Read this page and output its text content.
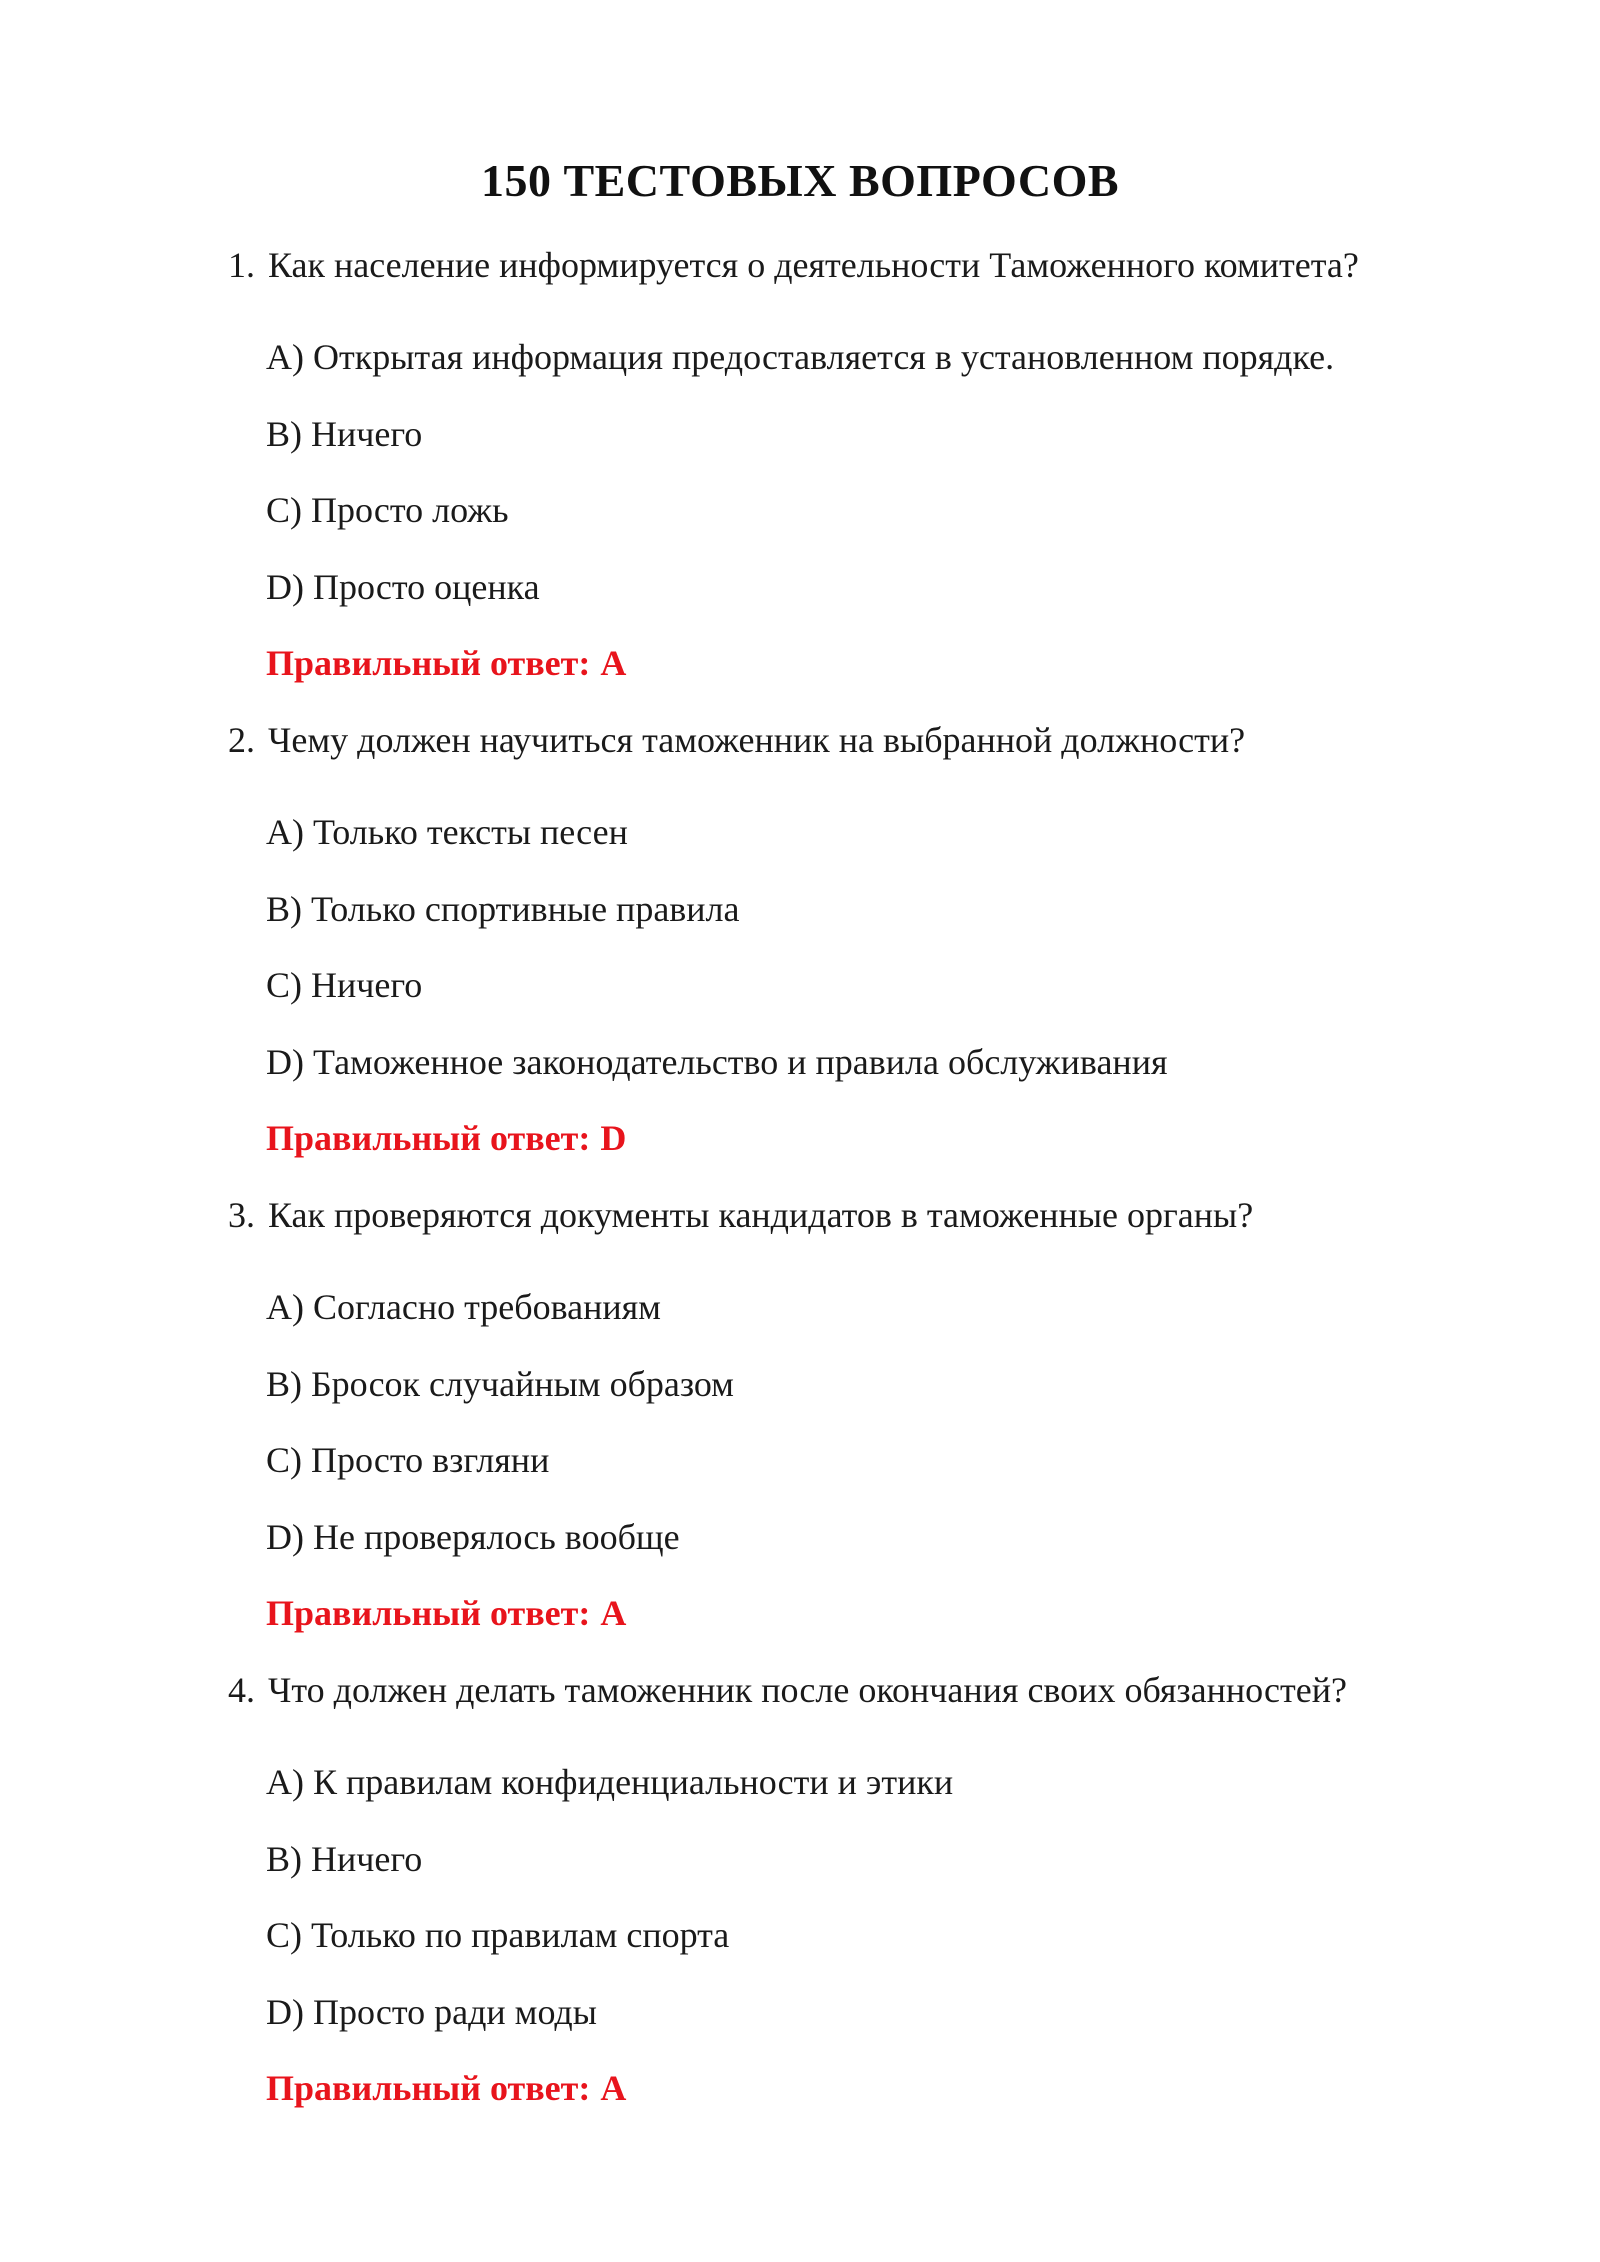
150 ТЕСТОВЫХ ВОПРОСОВ

1. Как население информируется о деятельности Таможенного комитета?

A) Открытая информация предоставляется в установленном порядке.
B) Ничего
C) Просто ложь
D) Просто оценка

Правильный ответ: A

2. Чему должен научиться таможенник на выбранной должности?

A) Только тексты песен
B) Только спортивные правила
C) Ничего
D) Таможенное законодательство и правила обслуживания

Правильный ответ: D

3. Как проверяются документы кандидатов в таможенные органы?

A) Согласно требованиям
B) Бросок случайным образом
C) Просто взгляни
D) Не проверялось вообще

Правильный ответ: A

4. Что должен делать таможенник после окончания своих обязанностей?

A) К правилам конфиденциальности и этики
B) Ничего
C) Только по правилам спорта
D) Просто ради моды

Правильный ответ: A
